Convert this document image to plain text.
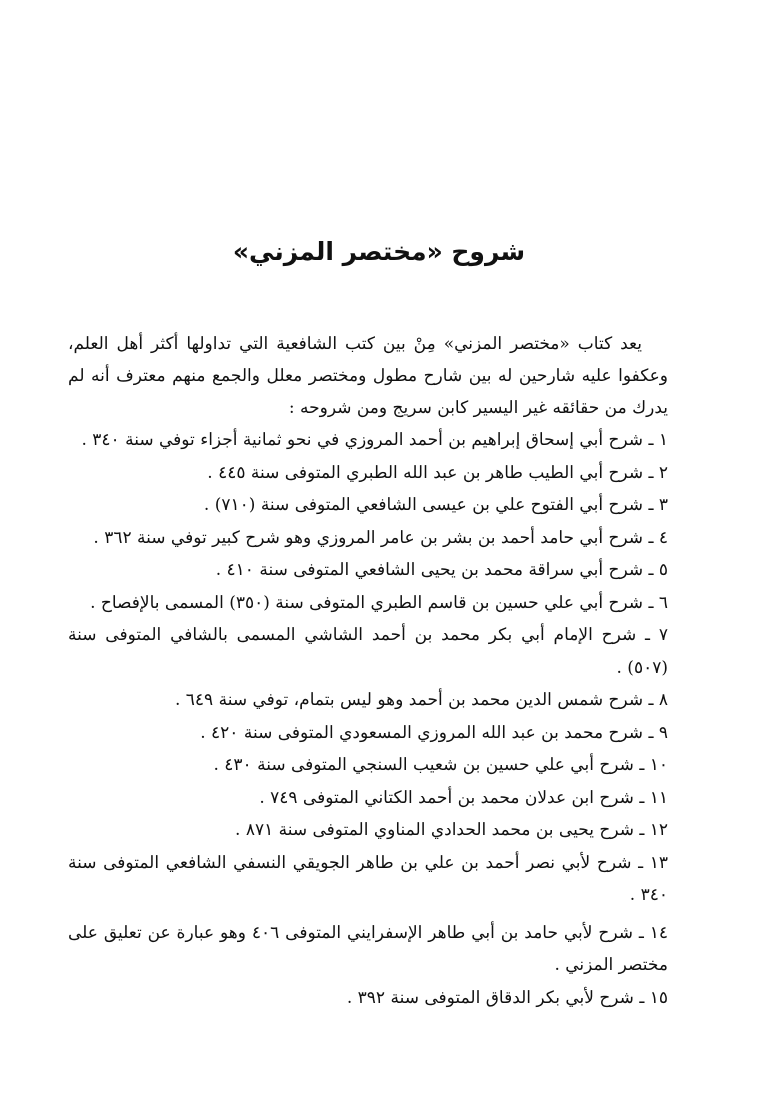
شروح «مختصر المزني»

يعد كتاب «مختصر المزني» مِنْ بين كتب الشافعية التي تداولها أكثر أهل العلم، وعكفوا عليه شارحين له بين شارح مطول ومختصر معلل والجمع منهم معترف أنه لم يدرك من حقائقه غير اليسير كابن سريج ومن شروحه :

١ ـ شرح أبي إسحاق إبراهيم بن أحمد المروزي في نحو ثمانية أجزاء توفي سنة ٣٤٠ .
٢ ـ شرح أبي الطيب طاهر بن عبد الله الطبري المتوفى سنة ٤٤٥ .
٣ ـ شرح أبي الفتوح علي بن عيسى الشافعي المتوفى سنة (٧١٠) .
٤ ـ شرح أبي حامد أحمد بن بشر بن عامر المروزي وهو شرح كبير توفي سنة ٣٦٢ .
٥ ـ شرح أبي سراقة محمد بن يحيى الشافعي المتوفى سنة ٤١٠ .
٦ ـ شرح أبي علي حسين بن قاسم الطبري المتوفى سنة (٣٥٠) المسمى بالإفصاح .
٧ ـ شرح الإمام أبي بكر محمد بن أحمد الشاشي المسمى بالشافي المتوفى سنة (٥٠٧) .
٨ ـ شرح شمس الدين محمد بن أحمد وهو ليس بتمام، توفي سنة ٦٤٩ .
٩ ـ شرح محمد بن عبد الله المروزي المسعودي المتوفى سنة ٤٢٠ .
١٠ ـ شرح أبي علي حسين بن شعيب السنجي المتوفى سنة ٤٣٠ .
١١ ـ شرح ابن عدلان محمد بن أحمد الكتاني المتوفى ٧٤٩ .
١٢ ـ شرح يحيى بن محمد الحدادي المناوي المتوفى سنة ٨٧١ .
١٣ ـ شرح لأبي نصر أحمد بن علي بن طاهر الجويقي النسفي الشافعي المتوفى سنة ٣٤٠ .
١٤ ـ شرح لأبي حامد بن أبي طاهر الإسفرايني المتوفى ٤٠٦ وهو عبارة عن تعليق على مختصر المزني .
١٥ ـ شرح لأبي بكر الدقاق المتوفى سنة ٣٩٢ .
